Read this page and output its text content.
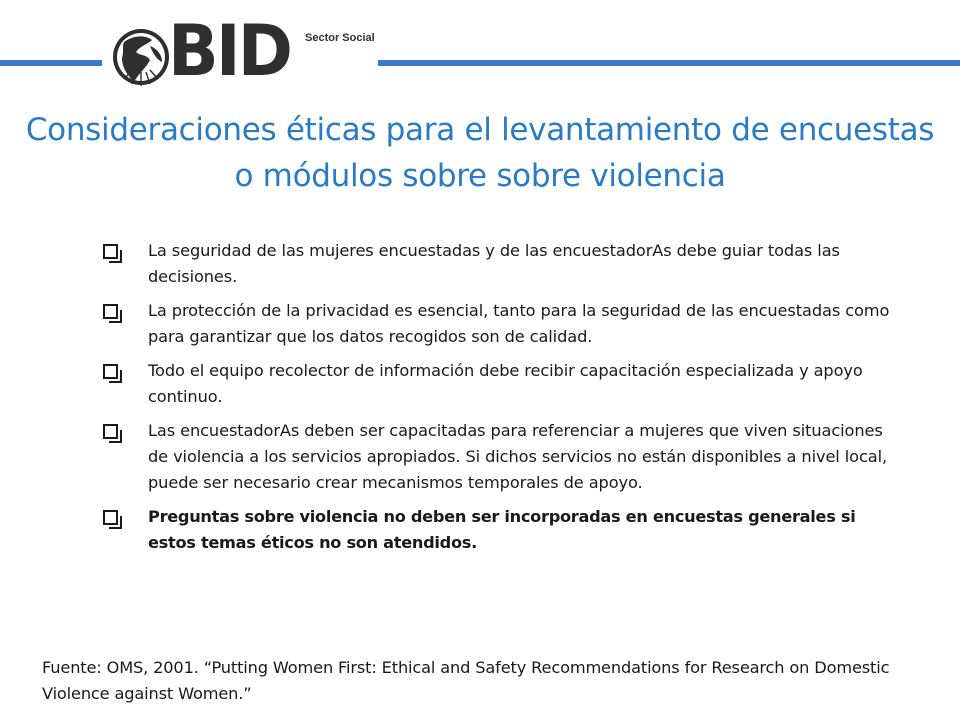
BID Sector Social
Consideraciones éticas para el levantamiento de encuestas o módulos sobre sobre violencia
La seguridad de las mujeres encuestadas y de las encuestadorAs debe guiar todas las decisiones.
La protección de la privacidad es esencial, tanto para la seguridad de las encuestadas como para garantizar que los datos recogidos son de calidad.
Todo el equipo recolector de información debe recibir capacitación especializada y apoyo continuo.
Las encuestadorAs deben ser capacitadas para referenciar a mujeres que viven situaciones de violencia a los servicios apropiados. Si dichos servicios no están disponibles a nivel local, puede ser necesario crear mecanismos temporales de apoyo.
Preguntas sobre violencia no deben ser incorporadas en encuestas generales si estos temas éticos no son atendidos.

Fuente: OMS, 2001. “Putting Women First: Ethical and Safety Recommendations for Research on Domestic Violence against Women.”
